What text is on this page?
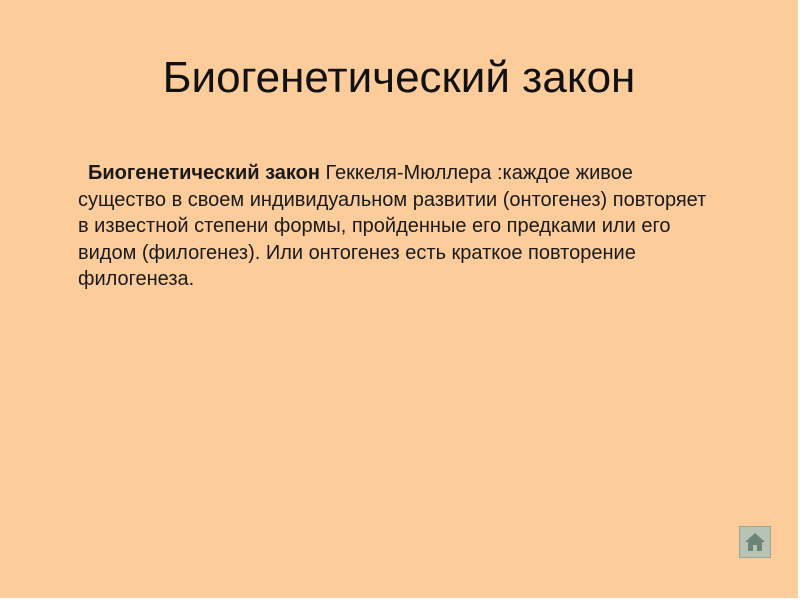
Биогенетический закон

Биогенетический закон Геккеля-Мюллера :каждое живое существо в своем индивидуальном развитии (онтогенез) повторяет в известной степени формы, пройденные его предками или его видом (филогенез). Или онтогенез есть краткое повторение филогенеза.
